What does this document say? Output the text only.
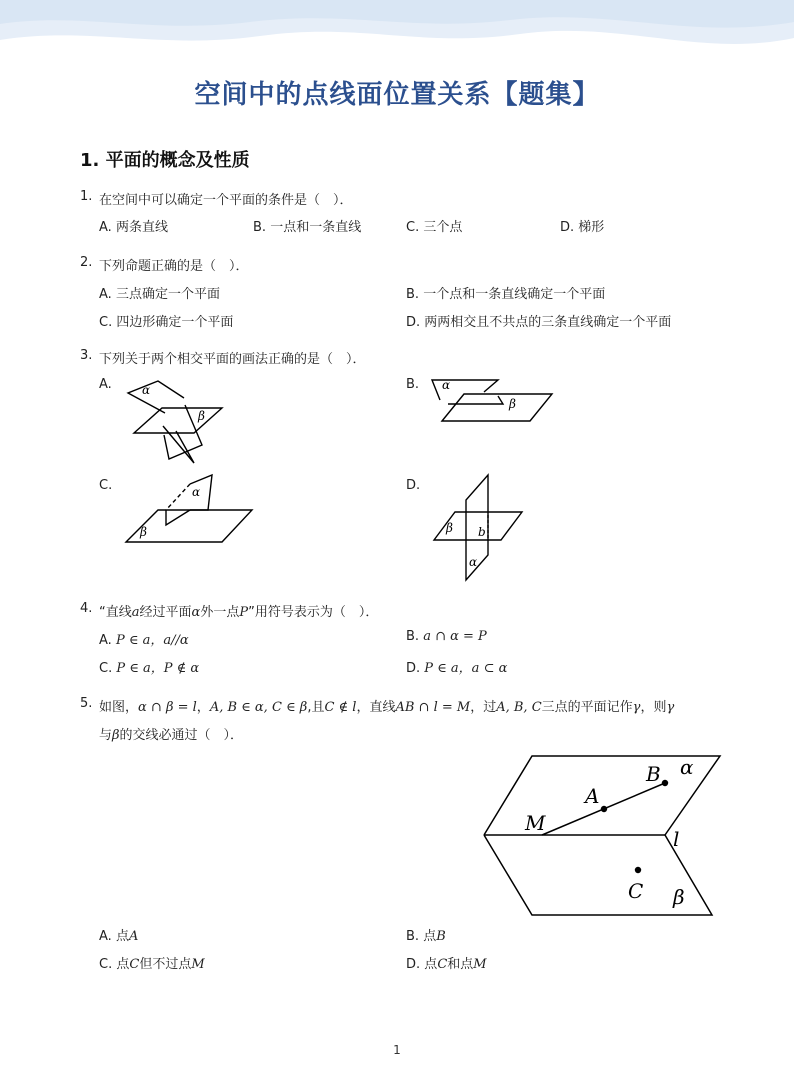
空间中的点线面位置关系【题集】
1. 平面的概念及性质
1. 在空间中可以确定一个平面的条件是（　）．
A. 两条直线	B. 一点和一条直线	C. 三个点	D. 梯形
2. 下列命题正确的是（　）．
A. 三点确定一个平面	B. 一个点和一条直线确定一个平面
C. 四边形确定一个平面	D. 两两相交且不共点的三条直线确定一个平面
3. 下列关于两个相交平面的画法正确的是（　）．
A.	α
β
B. α
β
C.	α
β
D.
β b
α
4. “直线a经过平面α外一点P”用符号表示为（　）．
A. P ∈ a，a//α	B. a ∩ α = P
C. P ∈ a，P ∉ α	D. P ∈ a，a ⊂ α
5. 如图，α ∩ β = l，A, B ∈ α, C ∈ β,且C ∉ l，直线AB ∩ l = M，过A, B, C三点的平面记作γ，则γ
与β的交线必通过（　）．
B α
A
M
l
C β
A. 点A	B. 点B
C. 点C但不过点M	D. 点C和点M
1
